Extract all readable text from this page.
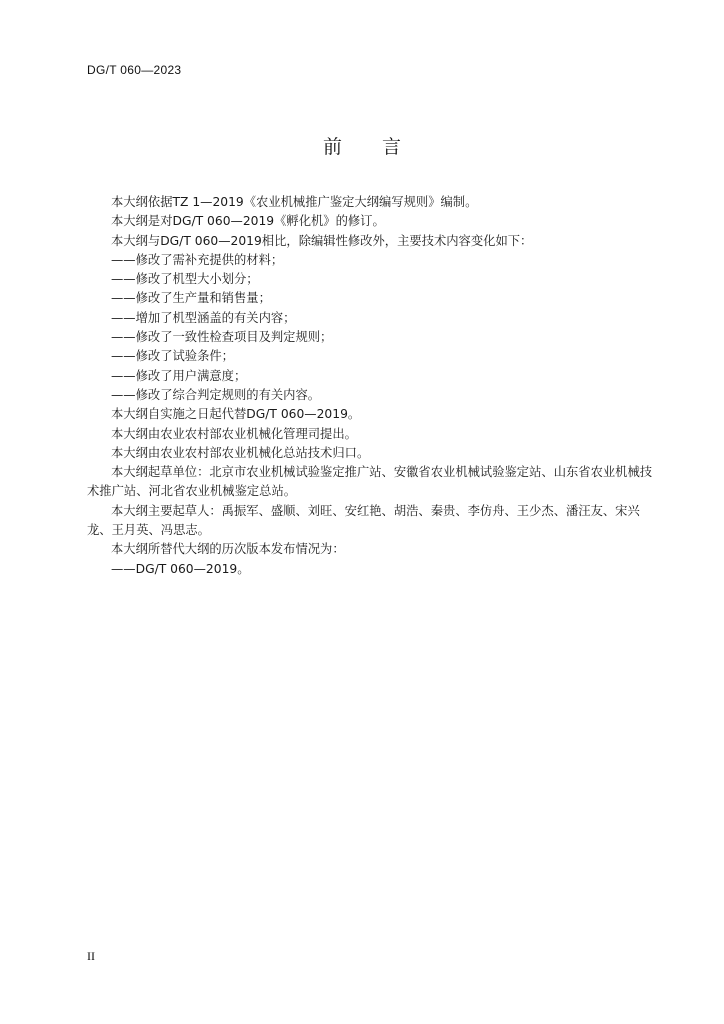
DG/T 060—2023
前 言

本大纲依据TZ 1—2019《农业机械推广鉴定大纲编写规则》编制。

本大纲是对DG/T 060—2019《孵化机》的修订。

本大纲与DG/T 060—2019相比，除编辑性修改外，主要技术内容变化如下：

——修改了需补充提供的材料；

——修改了机型大小划分；

——修改了生产量和销售量；

——增加了机型涵盖的有关内容；

——修改了一致性检查项目及判定规则；

——修改了试验条件；

——修改了用户满意度；

——修改了综合判定规则的有关内容。

本大纲自实施之日起代替DG/T 060—2019。

本大纲由农业农村部农业机械化管理司提出。

本大纲由农业农村部农业机械化总站技术归口。

本大纲起草单位：北京市农业机械试验鉴定推广站、安徽省农业机械试验鉴定站、山东省农业机械技术推广站、河北省农业机械鉴定总站。

本大纲主要起草人：禹振军、盛顺、刘旺、安红艳、胡浩、秦贵、李仿舟、王少杰、潘汪友、宋兴龙、王月英、冯思志。

本大纲所替代大纲的历次版本发布情况为：

——DG/T 060—2019。

II
